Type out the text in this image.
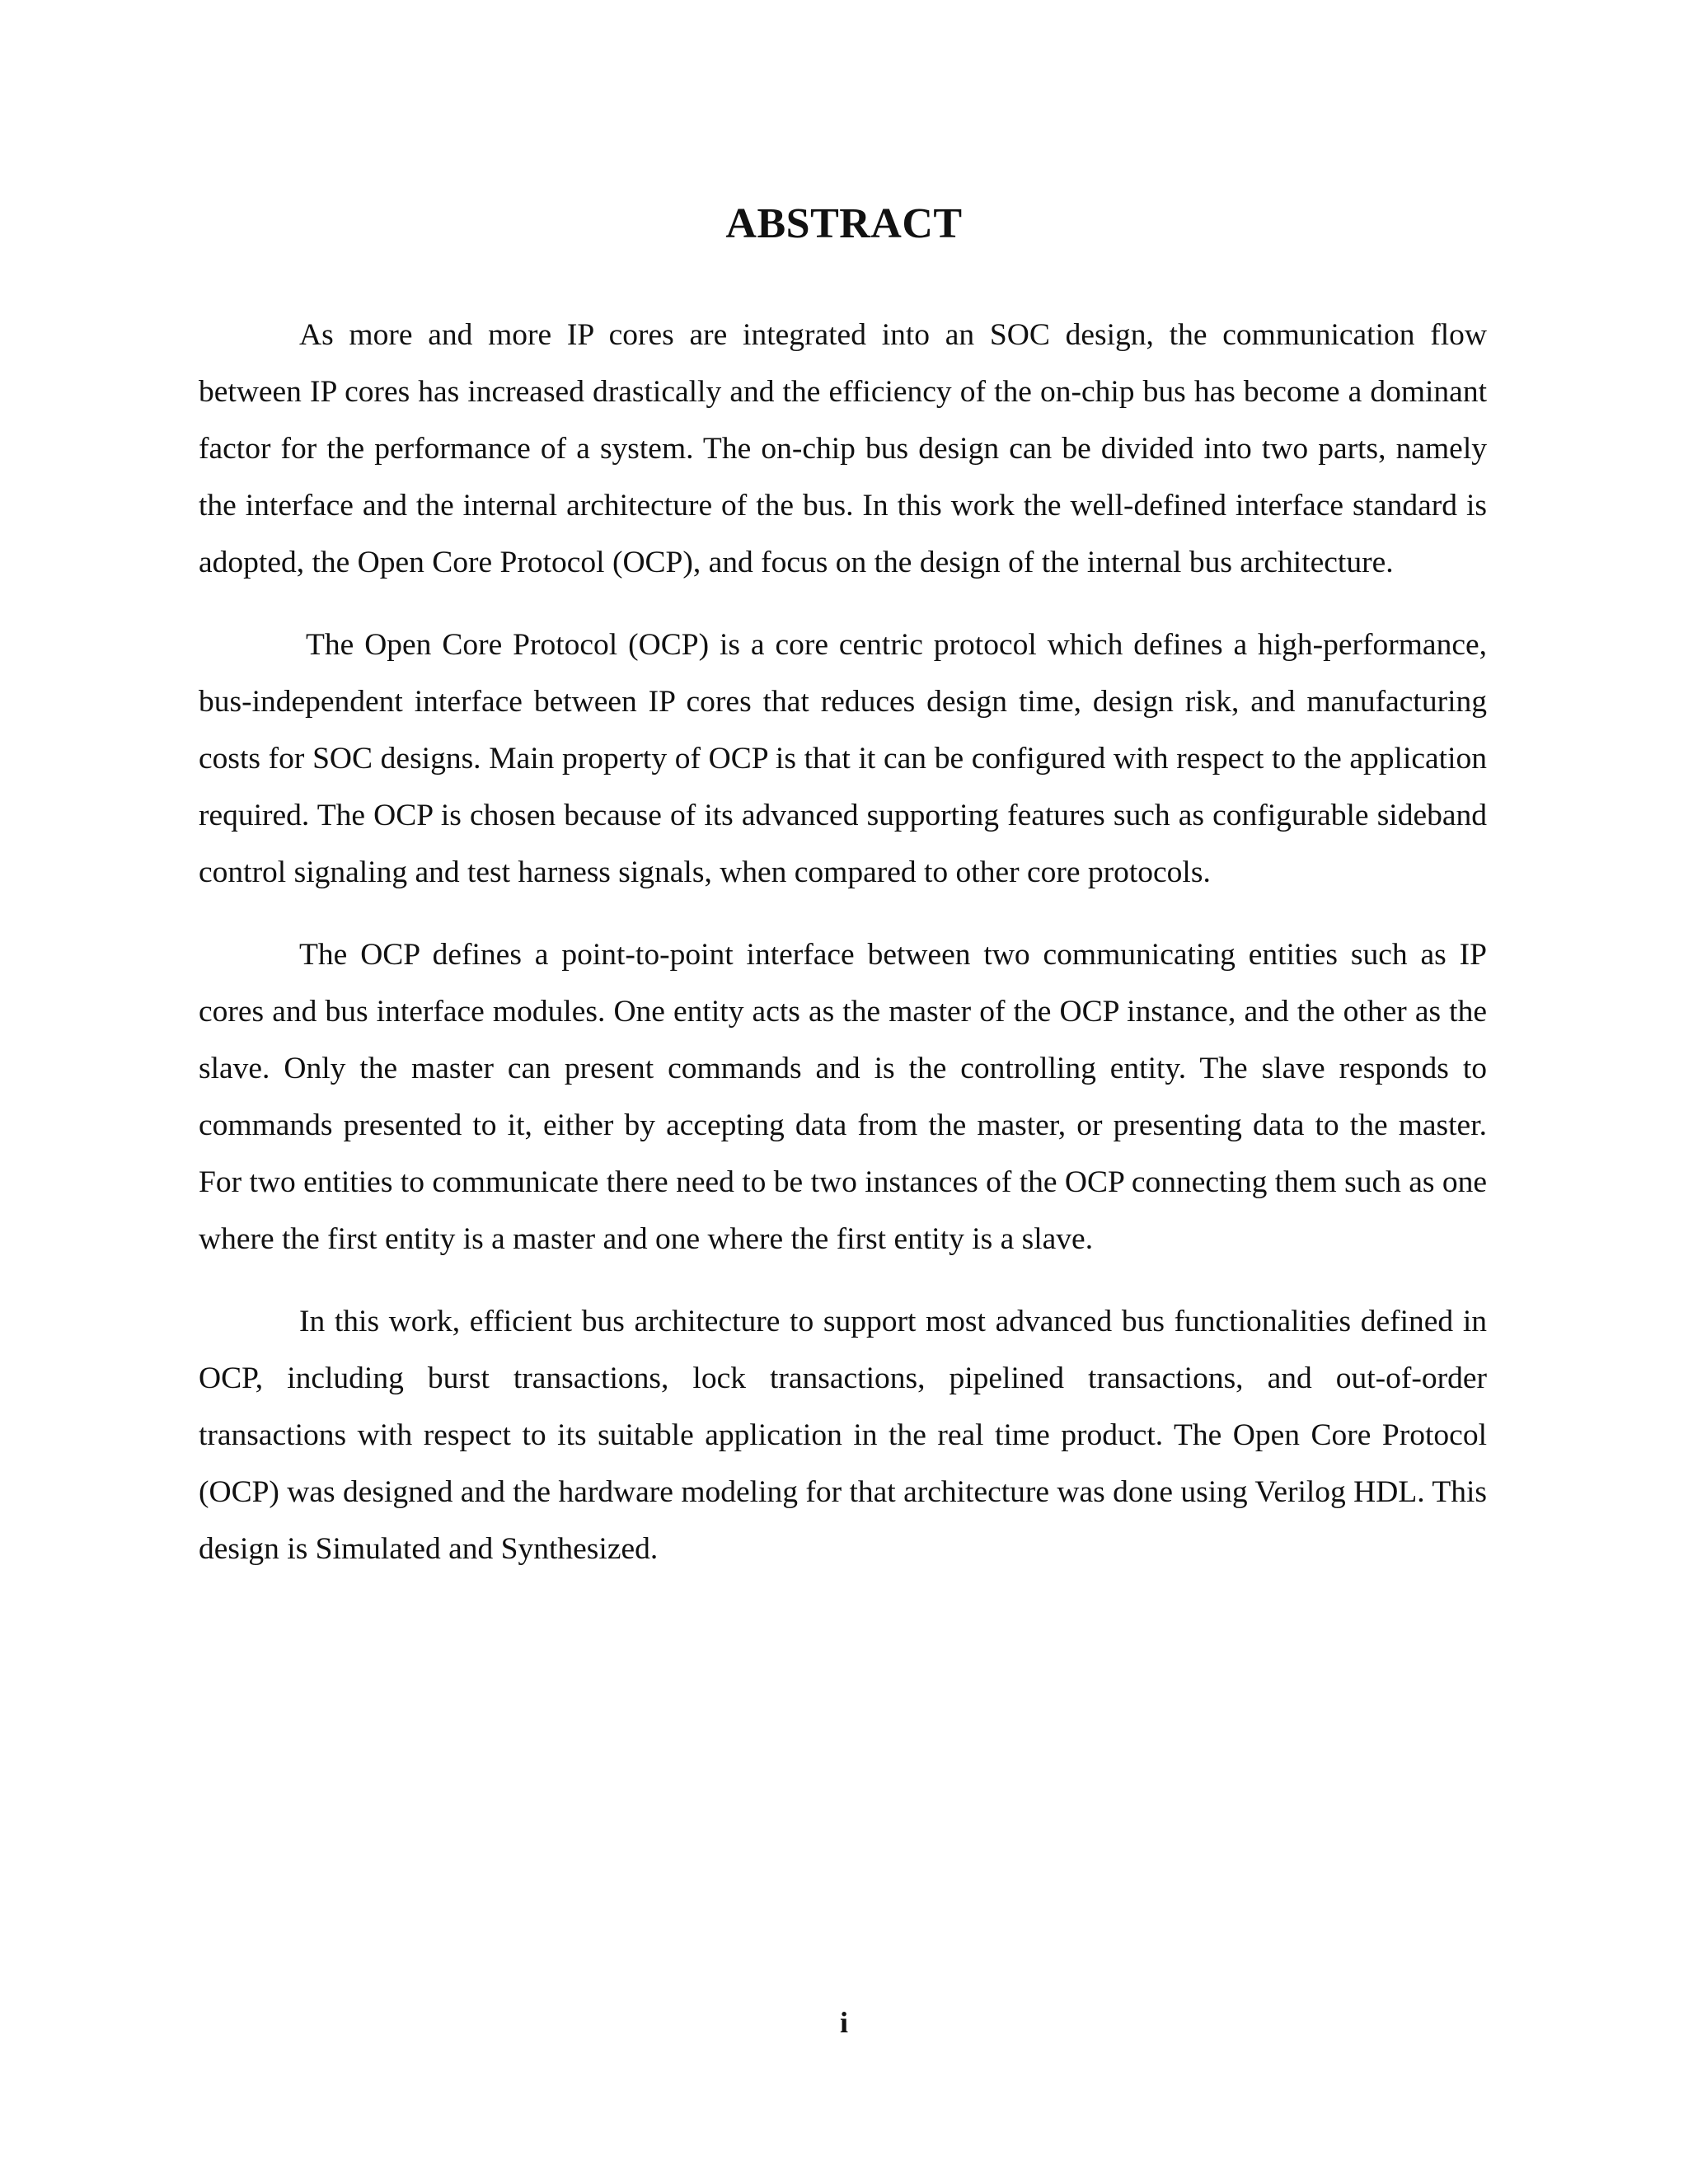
ABSTRACT

As more and more IP cores are integrated into an SOC design, the communication flow between IP cores has increased drastically and the efficiency of the on-chip bus has become a dominant factor for the performance of a system. The on-chip bus design can be divided into two parts, namely the interface and the internal architecture of the bus. In this work the well-defined interface standard is adopted, the Open Core Protocol (OCP), and focus on the design of the internal bus architecture.

The Open Core Protocol (OCP) is a core centric protocol which defines a high-performance, bus-independent interface between IP cores that reduces design time, design risk, and manufacturing costs for SOC designs. Main property of OCP is that it can be configured with respect to the application required. The OCP is chosen because of its advanced supporting features such as configurable sideband control signaling and test harness signals, when compared to other core protocols.

The OCP defines a point-to-point interface between two communicating entities such as IP cores and bus interface modules. One entity acts as the master of the OCP instance, and the other as the slave. Only the master can present commands and is the controlling entity. The slave responds to commands presented to it, either by accepting data from the master, or presenting data to the master. For two entities to communicate there need to be two instances of the OCP connecting them such as one where the first entity is a master and one where the first entity is a slave.

In this work, efficient bus architecture to support most advanced bus functionalities defined in OCP, including burst transactions, lock transactions, pipelined transactions, and out-of-order transactions with respect to its suitable application in the real time product. The Open Core Protocol (OCP) was designed and the hardware modeling for that architecture was done using Verilog HDL. This design is Simulated and Synthesized.

i
